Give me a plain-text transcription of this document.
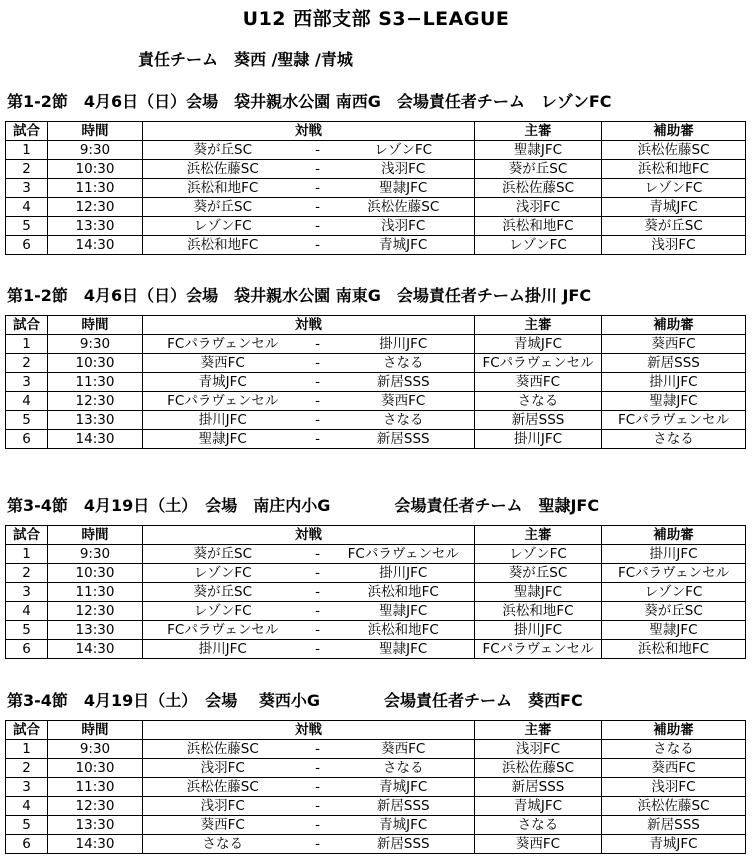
U12 西部支部 S3−LEAGUE
責任チーム　葵西 /聖隷 /青城
第1-2節　4月6日（日）会場　袋井親水公園 南西G　会場責任者チーム　レゾンFC
試合	時間	対戦			主審	補助審
1	9:30	葵が丘SC	-	レゾンFC	聖隷JFC	浜松佐藤SC
2	10:30	浜松佐藤SC	-	浅羽FC	葵が丘SC	浜松和地FC
3	11:30	浜松和地FC	-	聖隷JFC	浜松佐藤SC	レゾンFC
4	12:30	葵が丘SC	-	浜松佐藤SC	浅羽FC	青城JFC
5	13:30	レゾンFC	-	浅羽FC	浜松和地FC	葵が丘SC
6	14:30	浜松和地FC	-	青城JFC	レゾンFC	浅羽FC
第1-2節　4月6日（日）会場　袋井親水公園 南東G　会場責任者チーム掛川 JFC
試合	時間	対戦			主審	補助審
1	9:30	FCパラヴェンセル	-	掛川JFC	青城JFC	葵西FC
2	10:30	葵西FC	-	さなる	FCパラヴェンセル	新居SSS
3	11:30	青城JFC	-	新居SSS	葵西FC	掛川JFC
4	12:30	FCパラヴェンセル	-	葵西FC	さなる	聖隷JFC
5	13:30	掛川JFC	-	さなる	新居SSS	FCパラヴェンセル
6	14:30	聖隷JFC	-	新居SSS	掛川JFC	さなる
第3-4節　4月19日（土）　会場　南庄内小G　　　　会場責任者チーム　聖隷JFC
試合	時間	対戦			主審	補助審
1	9:30	葵が丘SC	-	FCパラヴェンセル	レゾンFC	掛川JFC
2	10:30	レゾンFC	-	掛川JFC	葵が丘SC	FCパラヴェンセル
3	11:30	葵が丘SC	-	浜松和地FC	聖隷JFC	レゾンFC
4	12:30	レゾンFC	-	聖隷JFC	浜松和地FC	葵が丘SC
5	13:30	FCパラヴェンセル	-	浜松和地FC	掛川JFC	聖隷JFC
6	14:30	掛川JFC	-	聖隷JFC	FCパラヴェンセル	浜松和地FC
第3-4節　4月19日（土）　会場　 葵西小G　　　　会場責任者チーム　葵西FC
試合	時間	対戦			主審	補助審
1	9:30	浜松佐藤SC	-	葵西FC	浅羽FC	さなる
2	10:30	浅羽FC	-	さなる	浜松佐藤SC	葵西FC
3	11:30	浜松佐藤SC	-	青城JFC	新居SSS	浅羽FC
4	12:30	浅羽FC	-	新居SSS	青城JFC	浜松佐藤SC
5	13:30	葵西FC	-	青城JFC	さなる	新居SSS
6	14:30	さなる	-	新居SSS	葵西FC	青城JFC
